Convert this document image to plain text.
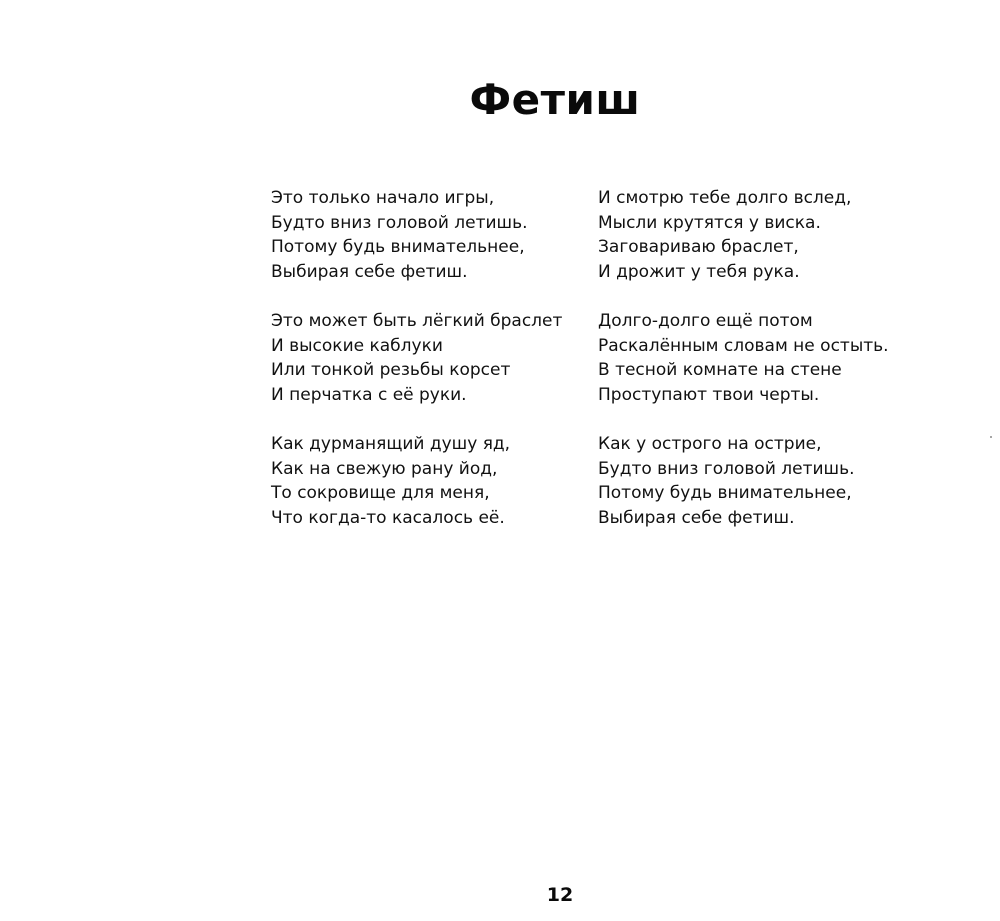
Фетиш
Это только начало игры,
Будто вниз головой летишь.
Потому будь внимательнее,
Выбирая себе фетиш.
Это может быть лёгкий браслет
И высокие каблуки
Или тонкой резьбы корсет
И перчатка с её руки.
Как дурманящий душу яд,
Как на свежую рану йод,
То сокровище для меня,
Что когда-то касалось её.
И смотрю тебе долго вслед,
Мысли крутятся у виска.
Заговариваю браслет,
И дрожит у тебя рука.
Долго-долго ещё потом
Раскалённым словам не остыть.
В тесной комнате на стене
Проступают твои черты.
Как у острого на острие,
Будто вниз головой летишь.
Потому будь внимательнее,
Выбирая себе фетиш.
12
